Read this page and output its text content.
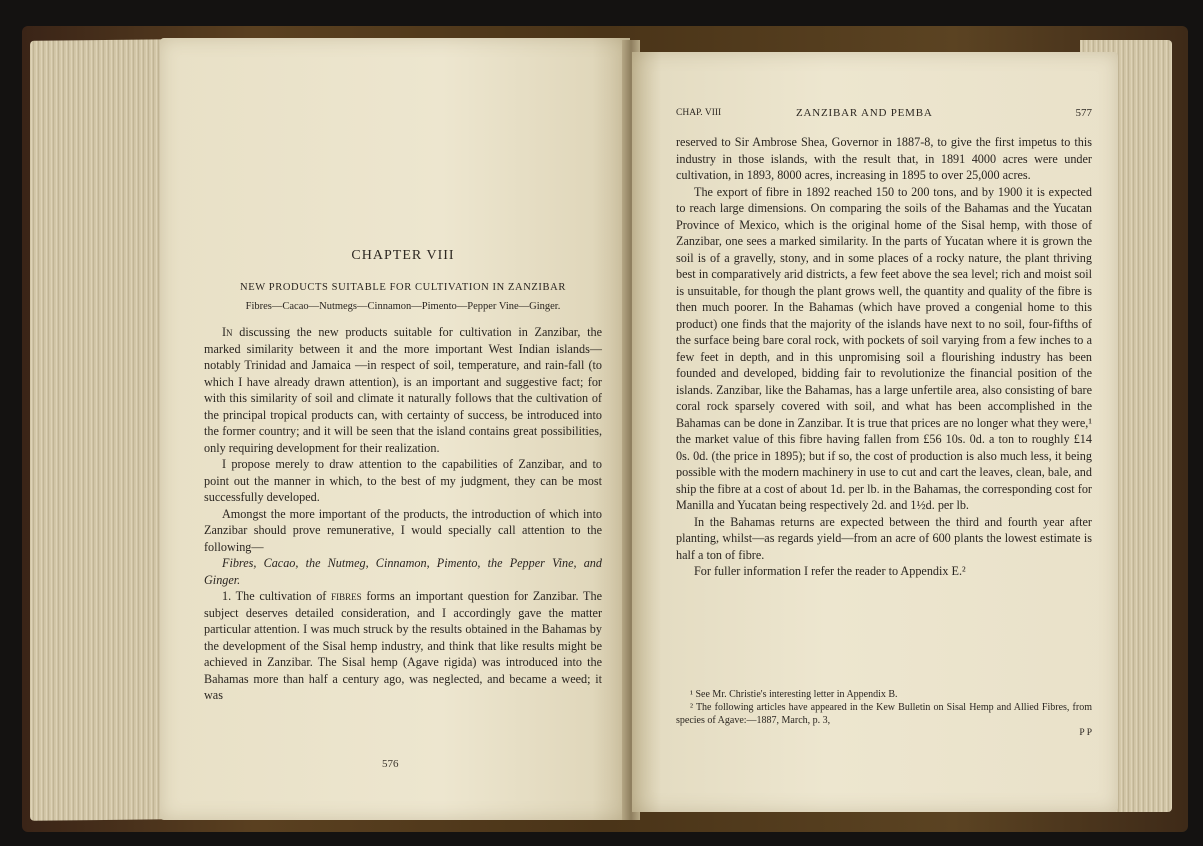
CHAPTER VIII
NEW PRODUCTS SUITABLE FOR CULTIVATION IN ZANZIBAR
Fibres—Cacao—Nutmegs—Cinnamon—Pimento—Pepper Vine—Ginger.

In discussing the new products suitable for cultivation in Zanzibar, the marked similarity between it and the more important West Indian islands—notably Trinidad and Jamaica —in respect of soil, temperature, and rain-fall (to which I have already drawn attention), is an important and suggestive fact; for with this similarity of soil and climate it naturally follows that the cultivation of the principal tropical products can, with certainty of success, be introduced into the former country; and it will be seen that the island contains great possibilities, only requiring development for their realization.

I propose merely to draw attention to the capabilities of Zanzibar, and to point out the manner in which, to the best of my judgment, they can be most successfully developed.

Amongst the more important of the products, the introduction of which into Zanzibar should prove remunerative, I would specially call attention to the following—

Fibres, Cacao, the Nutmeg, Cinnamon, Pimento, the Pepper Vine, and Ginger.

1. The cultivation of fibres forms an important question for Zanzibar. The subject deserves detailed consideration, and I accordingly gave the matter particular attention. I was much struck by the results obtained in the Bahamas by the development of the Sisal hemp industry, and think that like results might be achieved in Zanzibar. The Sisal hemp (Agave rigida) was introduced into the Bahamas more than half a century ago, was neglected, and became a weed; it was

576
CHAP. VIII	ZANZIBAR AND PEMBA	577

reserved to Sir Ambrose Shea, Governor in 1887-8, to give the first impetus to this industry in those islands, with the result that, in 1891 4000 acres were under cultivation, in 1893, 8000 acres, increasing in 1895 to over 25,000 acres.

The export of fibre in 1892 reached 150 to 200 tons, and by 1900 it is expected to reach large dimensions. On comparing the soils of the Bahamas and the Yucatan Province of Mexico, which is the original home of the Sisal hemp, with those of Zanzibar, one sees a marked similarity. In the parts of Yucatan where it is grown the soil is of a gravelly, stony, and in some places of a rocky nature, the plant thriving best in comparatively arid districts, a few feet above the sea level; rich and moist soil is unsuitable, for though the plant grows well, the quantity and quality of the fibre is then much poorer. In the Bahamas (which have proved a congenial home to this product) one finds that the majority of the islands have next to no soil, four-fifths of the surface being bare coral rock, with pockets of soil varying from a few inches to a few feet in depth, and in this unpromising soil a flourishing industry has been founded and developed, bidding fair to revolutionize the financial position of the islands. Zanzibar, like the Bahamas, has a large unfertile area, also consisting of bare coral rock sparsely covered with soil, and what has been accomplished in the Bahamas can be done in Zanzibar. It is true that prices are no longer what they were,¹ the market value of this fibre having fallen from £56 10s. 0d. a ton to roughly £14 0s. 0d. (the price in 1895); but if so, the cost of production is also much less, it being possible with the modern machinery in use to cut and cart the leaves, clean, bale, and ship the fibre at a cost of about 1d. per lb. in the Bahamas, the corresponding cost for Manilla and Yucatan being respectively 2d. and 1½d. per lb.

In the Bahamas returns are expected between the third and fourth year after planting, whilst—as regards yield—from an acre of 600 plants the lowest estimate is half a ton of fibre.

For fuller information I refer the reader to Appendix E.²

¹ See Mr. Christie's interesting letter in Appendix B.

² The following articles have appeared in the Kew Bulletin on Sisal Hemp and Allied Fibres, from species of Agave:—1887, March, p. 3,

P P
